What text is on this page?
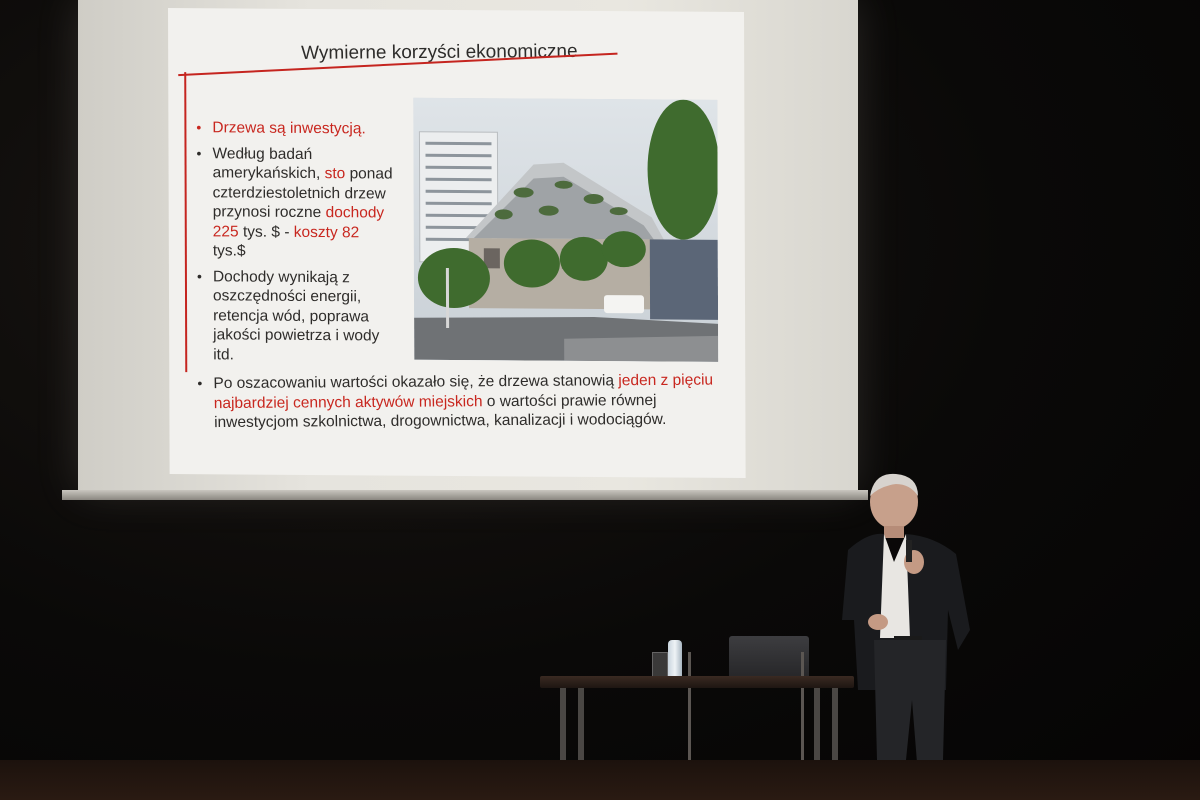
Wymierne korzyści ekonomiczne
• Drzewa są inwestycją.
• Według badań amerykańskich, sto ponad czterdziestoletnich drzew przynosi roczne dochody 225 tys. $ - koszty 82 tys.$
• Dochody wynikają z oszczędności energii, retencja wód, poprawa jakości powietrza i wody itd.
• Po oszacowaniu wartości okazało się, że drzewa stanowią jeden z pięciu najbardziej cennych aktywów miejskich o wartości prawie równej inwestycjom szkolnictwa, drogownictwa, kanalizacji i wodociągów.
